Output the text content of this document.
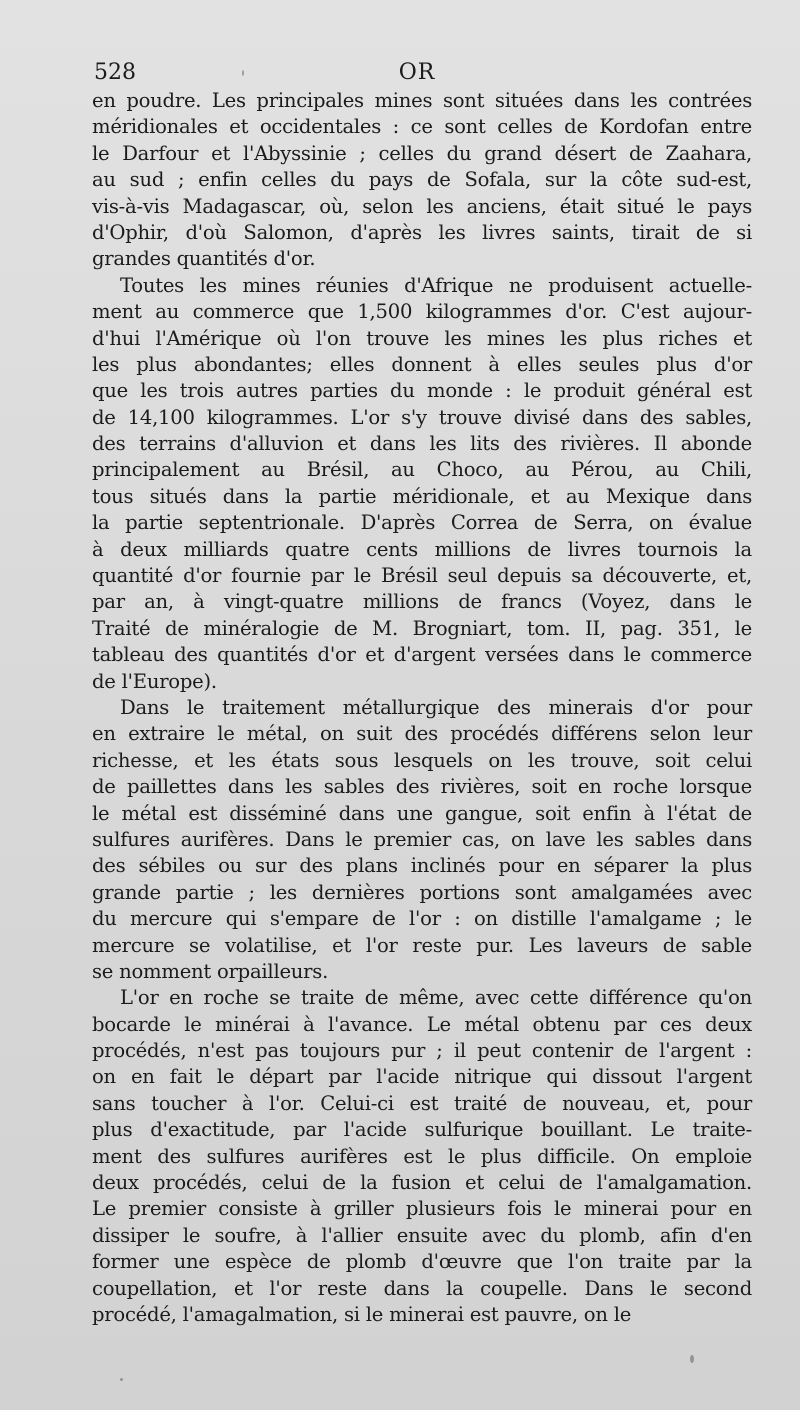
528	OR
en poudre. Les principales mines sont situées dans les contrées
méridionales et occidentales : ce sont celles de Kordofan entre
le Darfour et l'Abyssinie ; celles du grand désert de Zaahara,
au sud ; enfin celles du pays de Sofala, sur la côte sud-est,
vis-à-vis Madagascar, où, selon les anciens, était situé le pays
d'Ophir, d'où Salomon, d'après les livres saints, tirait de si
grandes quantités d'or.
Toutes les mines réunies d'Afrique ne produisent actuelle-
ment au commerce que 1,500 kilogrammes d'or. C'est aujour-
d'hui l'Amérique où l'on trouve les mines les plus riches et
les plus abondantes; elles donnent à elles seules plus d'or
que les trois autres parties du monde : le produit général est
de 14,100 kilogrammes. L'or s'y trouve divisé dans des sables,
des terrains d'alluvion et dans les lits des rivières. Il abonde
principalement au Brésil, au Choco, au Pérou, au Chili,
tous situés dans la partie méridionale, et au Mexique dans
la partie septentrionale. D'après Correa de Serra, on évalue
à deux milliards quatre cents millions de livres tournois la
quantité d'or fournie par le Brésil seul depuis sa découverte, et,
par an, à vingt-quatre millions de francs (Voyez, dans le
Traité de minéralogie de M. Brogniart, tom. II, pag. 351, le
tableau des quantités d'or et d'argent versées dans le commerce
de l'Europe).
Dans le traitement métallurgique des minerais d'or pour
en extraire le métal, on suit des procédés différens selon leur
richesse, et les états sous lesquels on les trouve, soit celui
de paillettes dans les sables des rivières, soit en roche lorsque
le métal est disséminé dans une gangue, soit enfin à l'état de
sulfures aurifères. Dans le premier cas, on lave les sables dans
des sébiles ou sur des plans inclinés pour en séparer la plus
grande partie ; les dernières portions sont amalgamées avec
du mercure qui s'empare de l'or : on distille l'amalgame ; le
mercure se volatilise, et l'or reste pur. Les laveurs de sable
se nomment orpailleurs.
L'or en roche se traite de même, avec cette différence qu'on
bocarde le minérai à l'avance. Le métal obtenu par ces deux
procédés, n'est pas toujours pur ; il peut contenir de l'argent :
on en fait le départ par l'acide nitrique qui dissout l'argent
sans toucher à l'or. Celui-ci est traité de nouveau, et, pour
plus d'exactitude, par l'acide sulfurique bouillant. Le traite-
ment des sulfures aurifères est le plus difficile. On emploie
deux procédés, celui de la fusion et celui de l'amalgamation.
Le premier consiste à griller plusieurs fois le minerai pour en
dissiper le soufre, à l'allier ensuite avec du plomb, afin d'en
former une espèce de plomb d'œuvre que l'on traite par la
coupellation, et l'or reste dans la coupelle. Dans le second
procédé, l'amagalmation, si le minerai est pauvre, on le
